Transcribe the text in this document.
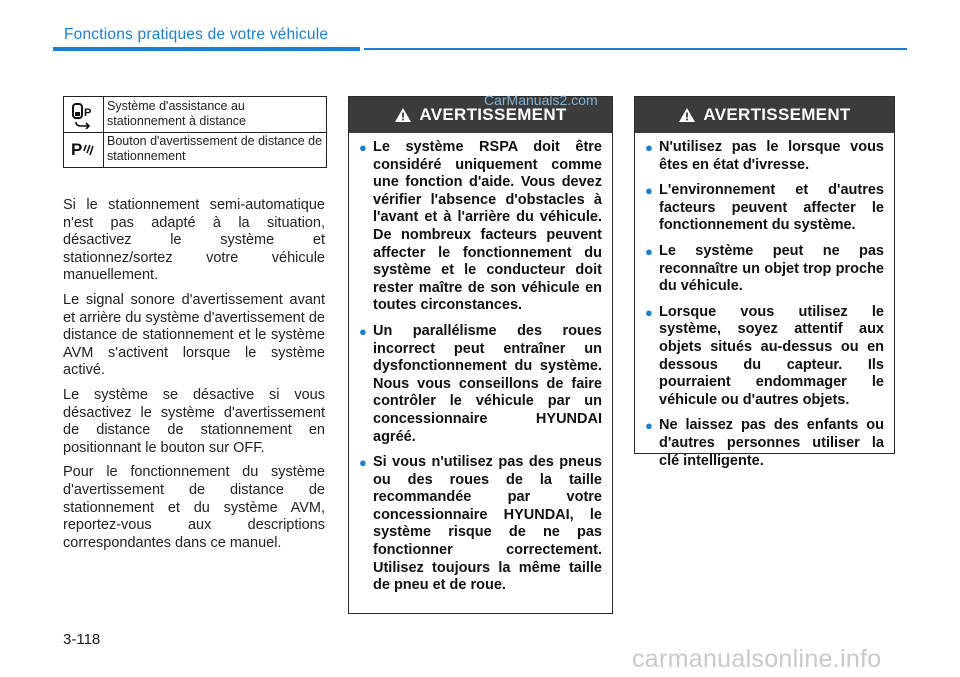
Fonctions pratiques de votre véhicule
P Système d'assistance au stationnement à distance
P Bouton d'avertissement de distance de stationnement

Si le stationnement semi-automatique n'est pas adapté à la situation, désactivez le système et stationnez/sortez votre véhicule manuellement.

Le signal sonore d'avertissement avant et arrière du système d'avertissement de distance de stationnement et le système AVM s'activent lorsque le système activé.

Le système se désactive si vous désactivez le système d'avertissement de distance de stationnement en positionnant le bouton sur OFF.

Pour le fonctionnement du système d'avertissement de distance de stationnement et du système AVM, reportez-vous aux descriptions correspondantes dans ce manuel.

AVERTISSEMENT
● Le système RSPA doit être considéré uniquement comme une fonction d'aide. Vous devez vérifier l'absence d'obstacles à l'avant et à l'arrière du véhicule. De nombreux facteurs peuvent affecter le fonctionnement du système et le conducteur doit rester maître de son véhicule en toutes circonstances.
● Un parallélisme des roues incorrect peut entraîner un dysfonctionnement du système. Nous vous conseillons de faire contrôler le véhicule par un concessionnaire HYUNDAI agréé.
● Si vous n'utilisez pas des pneus ou des roues de la taille recommandée par votre concessionnaire HYUNDAI, le système risque de ne pas fonctionner correctement. Utilisez toujours la même taille de pneu et de roue.
AVERTISSEMENT
● N'utilisez pas le lorsque vous êtes en état d'ivresse.
● L'environnement et d'autres facteurs peuvent affecter le fonctionnement du système.
● Le système peut ne pas reconnaître un objet trop proche du véhicule.
● Lorsque vous utilisez le système, soyez attentif aux objets situés au-dessus ou en dessous du capteur. Ils pourraient endommager le véhicule ou d'autres objets.
● Ne laissez pas des enfants ou d'autres personnes utiliser la clé intelligente.
CarManuals2.com
3-118
carmanualsonline.info
